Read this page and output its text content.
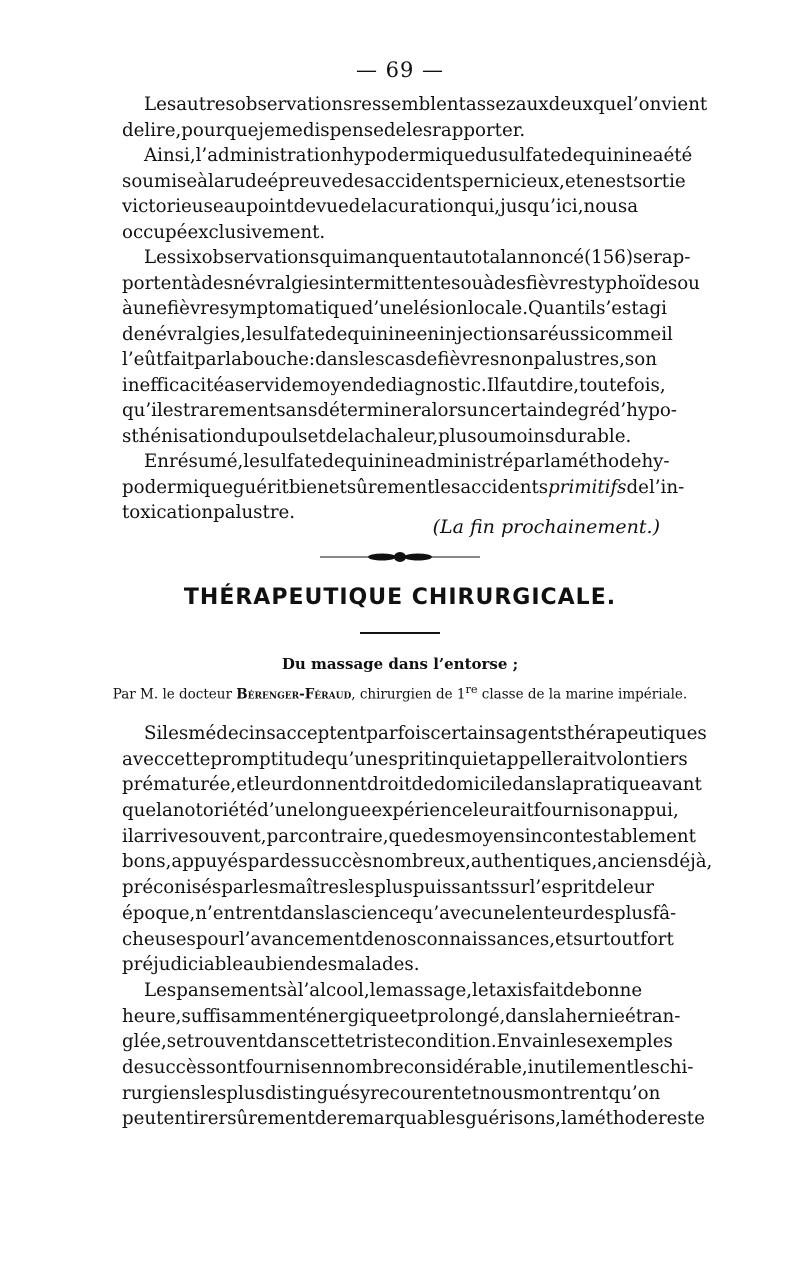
— 69 —
Lesautresobservationsressemblentassezauxdeuxquel’onvient
delire,pourquejemedispensedelesrapporter.
Ainsi,l’administrationhypodermiquedusulfatedequinineaété
soumiseàlarudeépreuvedesaccidentspernicieux,etenestsortie
victorieuseaupointdevuedelacurationqui,jusqu’ici,nousa
occupéexclusivement.
Lessixobservationsquimanquentautotalannoncé(156)serap-
portentàdesnévralgiesintermittentesouàdesfièvrestyphoïdesou
àunefièvresymptomatiqued’unelésionlocale.Quantils’estagi
denévralgies,lesulfatedequinineeninjectionsaréussicommeil
l’eûtfaitparlabouche:danslescasdefièvresnonpalustres,son
inefficacitéaservidemoyendediagnostic.Ilfautdire,toutefois,
qu’ilestrarementsansdétermineralorsuncertaindegréd’hypo-
sthénisationdupoulsetdelachaleur,plusoumoinsdurable.
Enrésumé,lesulfatedequinineadministréparlaméthodehy-
podermiqueguéritbienetsûrementlesaccidentsprimitifsdel’in-
toxicationpalustre.
(La fin prochainement.)
THÉRAPEUTIQUE CHIRURGICALE.
Du massage dans l’entorse ;
Par M. le docteur Bérenger-Féraud, chirurgien de 1re classe de la marine impériale.
Silesmédecinsacceptentparfoiscertainsagentsthérapeutiques
aveccettepromptitudequ’unespritinquietappelleraitvolontiers
prématurée,etleurdonnentdroitdedomiciledanslapratiqueavant
quelanotoriétéd’unelongueexpérienceleuraitfournisonappui,
ilarrivesouvent,parcontraire,quedesmoyensincontestablement
bons,appuyéspardessuccèsnombreux,authentiques,anciensdéjà,
préconisésparlesmaîtreslespluspuissantssurl’espritdeleur
époque,n’entrentdanslasciencequ’avecunelenteurdesplusfâ-
cheusespourl’avancementdenosconnaissances,etsurtoutfort
préjudiciableaubiendesmalades.
Lespansementsàl’alcool,lemassage,letaxisfaitdebonne
heure,suffisammenténergiqueetprolongé,danslahernieétran-
glée,setrouventdanscettetristecondition.Envainlesexemples
desuccèssontfournisennombreconsidérable,inutilementleschi-
rurgienslesplusdistinguésyrecourentetnousmontrentqu’on
peutentirersûrementderemarquablesguérisons,laméthodereste
